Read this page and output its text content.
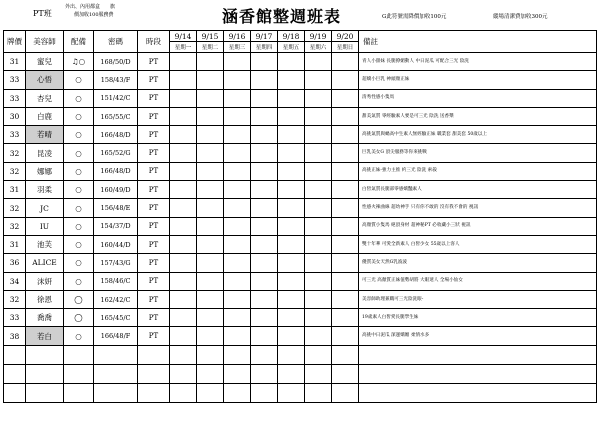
PT班
外出、內用都盒　　旗
價加收100服務費	涵香館整週班表	G此符號需降價加收100元	縱場清潔費加收300元
牌價	美容師	配備	密碼	時段	9/14	9/15	9/16	9/17	9/18	9/19	9/20	備註
					星期一	星期二	星期三	星期四	星期五	星期六	星期日	
31	蜜兒	♫○	168/50/D	PT								青人小甜妹 長腿撩媚動人 中日泥瓜 可配合三光 陰洗
33	心悟	○	158/43/F	PT								超嬌小巨乳 神頭顏正妹
33	杏兒	○	151/42/C	PT								清秀性感小隻馬
30	白鹿	○	165/55/C	PT								甜美氣質 零經驗素人要是可三光 陰洗 送香槳
33	若晴	○	166/48/D	PT								高挑氣質與蝸高中生素人無經驗正妹 職業套 甜美套 50歲以上
32	昆凌	○	165/52/G	PT								巨乳美女G 頂尖服務等你來挑戰
32	娜娜	○	166/48/D	PT								高挑正妹-強力主推 約三光 陰洗 索殺
31	羽柔	○	160/49/D	PT								白皙氣質長腿部零感嬌豔素人
32	JC	○	156/48/E	PT								性感火辣曲線 超幼神手 只有你不敢的 沒有我不會的 視訊
32	IU	○	154/37/D	PT								高顏質小隻馬 絕頂身材 超神秘PT 必收藏小三狀 視訊
31	池芙	○	160/44/D	PT								雙十年華 可愛全新素人 白皙少女 55歲以上客人
36	ALICE	○	157/43/G	PT								優質美女天然G乳波波
34	沫妍	○	158/46/C	PT								可三光 高顏質正妹值勢胡將 大眼迷人 全場小仙女
32	徐恩	◯	162/42/C	PT								美容師助理兼職可三光陰洗眼-
33	喬喬	◯	165/45/C	PT								19歲素人白皙愛長腿學生妹
38	若白	○	166/48/F	PT								高挑中日泥瓜 深運嬌媚 柔情水多
